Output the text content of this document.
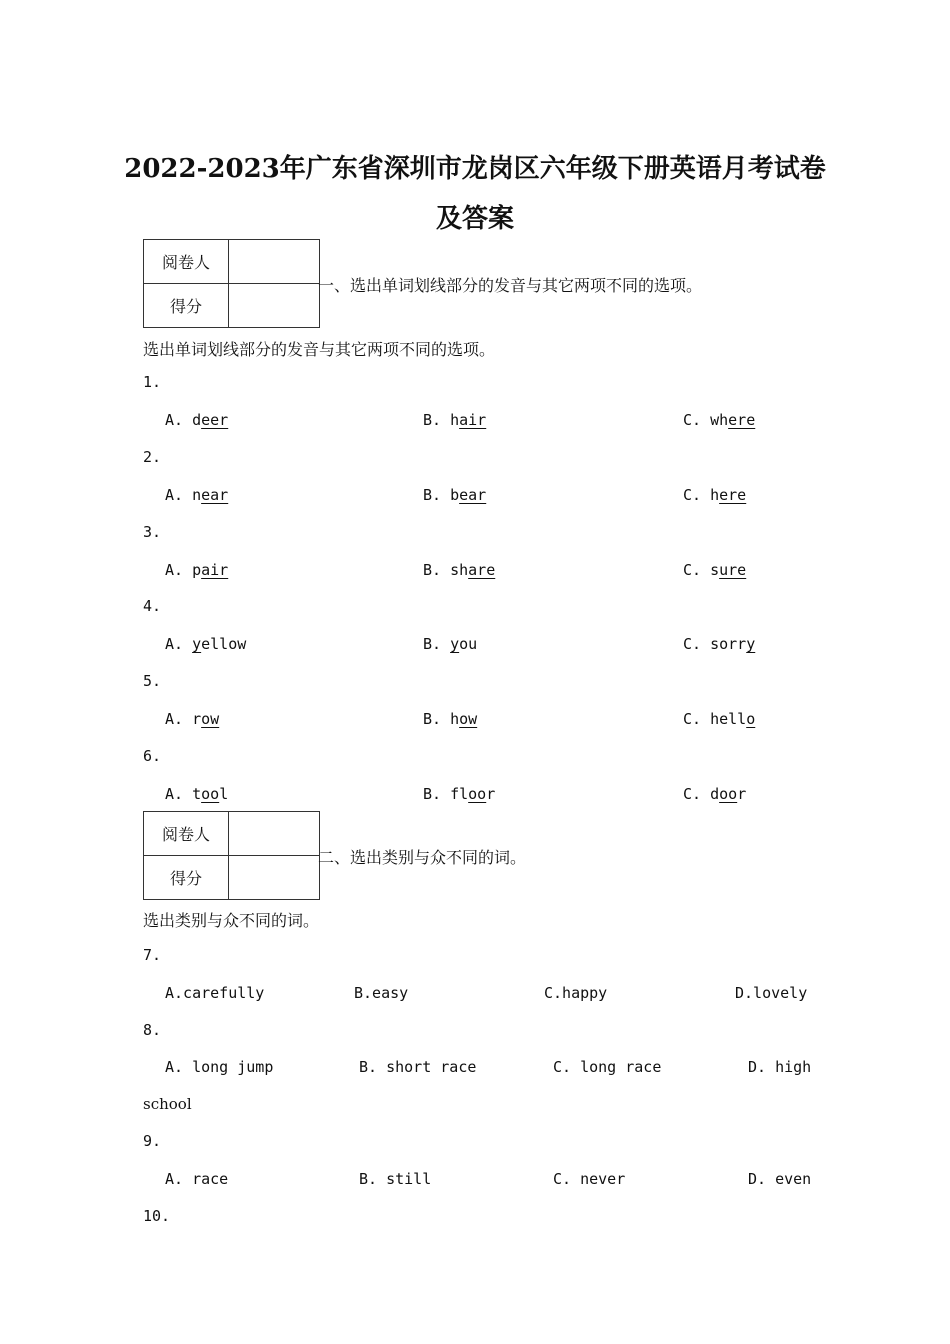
2022-2023年广东省深圳市龙岗区六年级下册英语月考试卷
及答案
阅卷人	
得分	
一、选出单词划线部分的发音与其它两项不同的选项。
选出单词划线部分的发音与其它两项不同的选项。
1.
A. deer	B. hair	C. where
2.
A. near	B. bear	C. here
3.
A. pair	B. share	C. sure
4.
A. yellow	B. you	C. sorry
5.
A. row	B. how	C. hello
6.
A. tool	B. floor	C. door
阅卷人	
得分	
二、选出类别与众不同的词。
选出类别与众不同的词。
7.
A.carefully	B.easy	C.happy	D.lovely
8.
A. long jump	B. short race	C. long race	D. high
school
9.
A. race	B. still	C. never	D. even
10.
